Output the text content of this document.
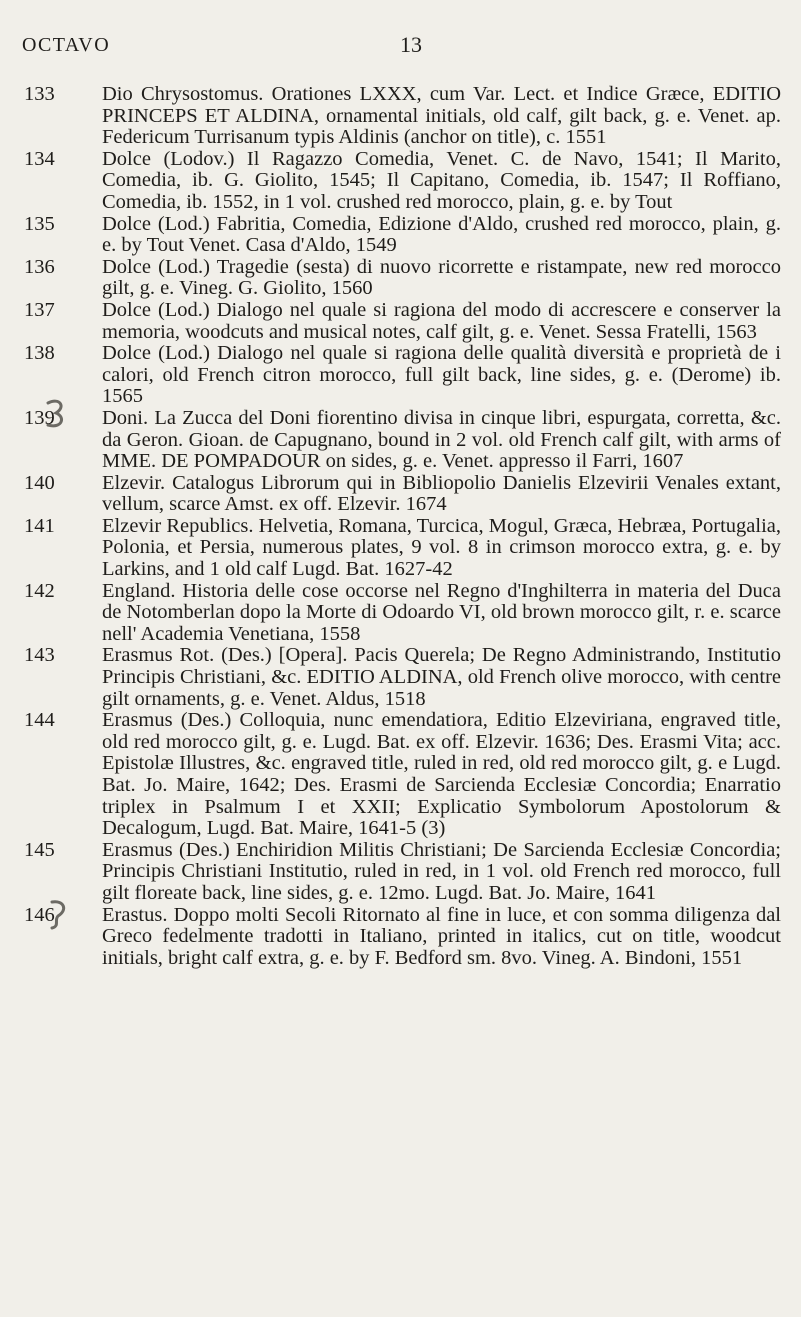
OCTAVO	13
133 Dio Chrysostomus. Orationes LXXX, cum Var. Lect. et Indice Græce, EDITIO PRINCEPS ET ALDINA, ornamental initials, old calf, gilt back, g. e. Venet. ap. Federicum Turrisanum typis Aldinis (anchor on title), c. 1551
134 Dolce (Lodov.) Il Ragazzo Comedia, Venet. C. de Navo, 1541; Il Marito, Comedia, ib. G. Giolito, 1545; Il Capitano, Comedia, ib. 1547; Il Roffiano, Comedia, ib. 1552, in 1 vol. crushed red morocco, plain, g. e. by Tout
135 Dolce (Lod.) Fabritia, Comedia, Edizione d'Aldo, crushed red morocco, plain, g. e. by Tout Venet. Casa d'Aldo, 1549
136 Dolce (Lod.) Tragedie (sesta) di nuovo ricorrette e ristampate, new red morocco gilt, g. e. Vineg. G. Giolito, 1560
137 Dolce (Lod.) Dialogo nel quale si ragiona del modo di accrescere e conserver la memoria, woodcuts and musical notes, calf gilt, g. e. Venet. Sessa Fratelli, 1563
138 Dolce (Lod.) Dialogo nel quale si ragiona delle qualità diversità e proprietà de i calori, old French citron morocco, full gilt back, line sides, g. e. (Derome) ib. 1565
139 Doni. La Zucca del Doni fiorentino divisa in cinque libri, espurgata, corretta, &c. da Geron. Gioan. de Capugnano, bound in 2 vol. old French calf gilt, with arms of MME. DE POMPADOUR on sides, g. e. Venet. appresso il Farri, 1607
140 Elzevir. Catalogus Librorum qui in Bibliopolio Danielis Elzevirii Venales extant, vellum, scarce Amst. ex off. Elzevir. 1674
141 Elzevir Republics. Helvetia, Romana, Turcica, Mogul, Græca, Hebræa, Portugalia, Polonia, et Persia, numerous plates, 9 vol. 8 in crimson morocco extra, g. e. by Larkins, and 1 old calf Lugd. Bat. 1627-42
142 England. Historia delle cose occorse nel Regno d'Inghilterra in materia del Duca de Notomberlan dopo la Morte di Odoardo VI, old brown morocco gilt, r. e. scarce nell' Academia Venetiana, 1558
143 Erasmus Rot. (Des.) [Opera]. Pacis Querela; De Regno Administrando, Institutio Principis Christiani, &c. EDITIO ALDINA, old French olive morocco, with centre gilt ornaments, g. e. Venet. Aldus, 1518
144 Erasmus (Des.) Colloquia, nunc emendatiora, Editio Elzeviriana, engraved title, old red morocco gilt, g. e. Lugd. Bat. ex off. Elzevir. 1636; Des. Erasmi Vita; acc. Epistolæ Illustres, &c. engraved title, ruled in red, old red morocco gilt, g. e Lugd. Bat. Jo. Maire, 1642; Des. Erasmi de Sarcienda Ecclesiæ Concordia; Enarratio triplex in Psalmum I et XXII; Explicatio Symbolorum Apostolorum & Decalogum, Lugd. Bat. Maire, 1641-5 (3)
145 Erasmus (Des.) Enchiridion Militis Christiani; De Sarcienda Ecclesiæ Concordia; Principis Christiani Institutio, ruled in red, in 1 vol. old French red morocco, full gilt floreate back, line sides, g. e. 12mo. Lugd. Bat. Jo. Maire, 1641
146 Erastus. Doppo molti Secoli Ritornato al fine in luce, et con somma diligenza dal Greco fedelmente tradotti in Italiano, printed in italics, cut on title, woodcut initials, bright calf extra, g. e. by F. Bedford sm. 8vo. Vineg. A. Bindoni, 1551
